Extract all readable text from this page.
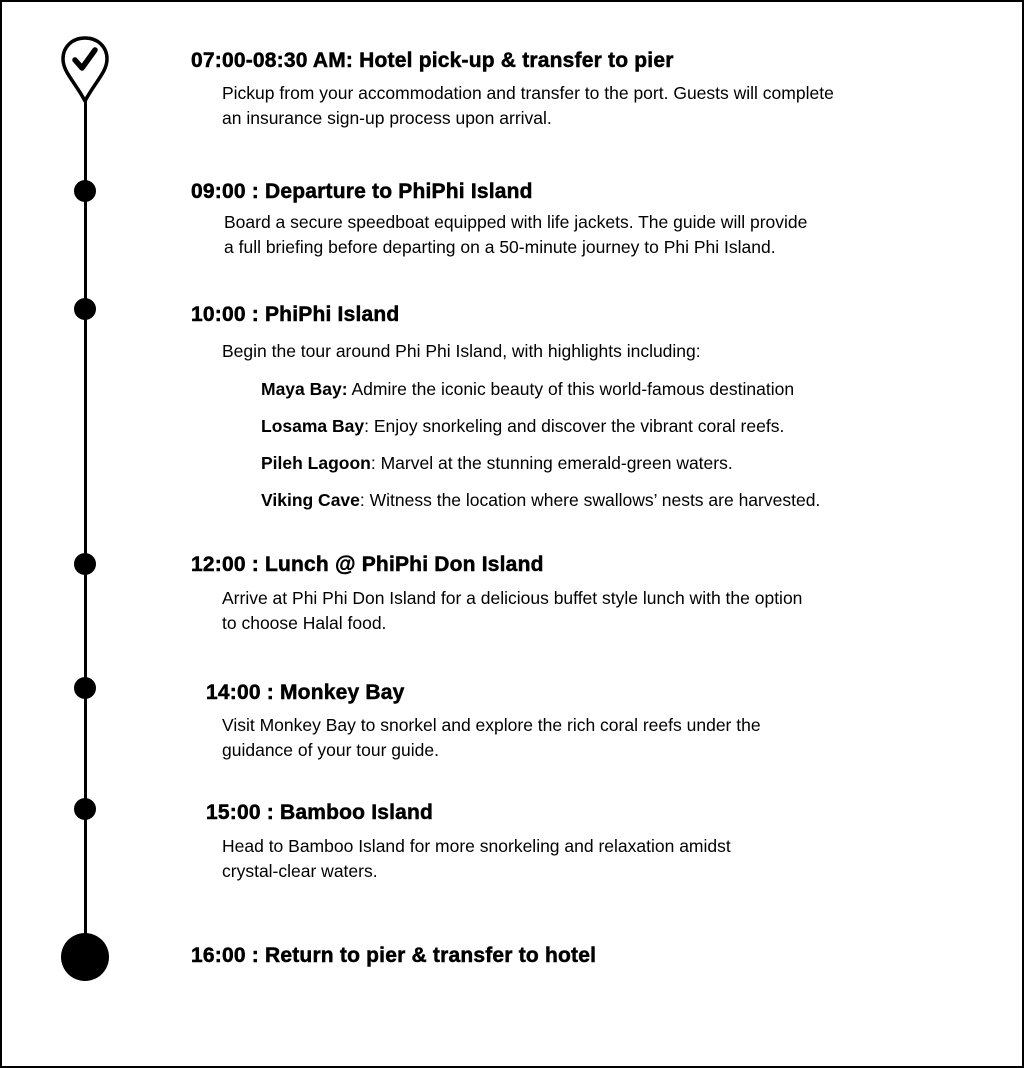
07:00-08:30 AM: Hotel pick-up & transfer to pier
Pickup from your accommodation and transfer to the port. Guests will complete
an insurance sign-up process upon arrival.
09:00 : Departure to PhiPhi Island
Board a secure speedboat equipped with life jackets. The guide will provide
a full briefing before departing on a 50-minute journey to Phi Phi Island.
10:00 : PhiPhi Island
Begin the tour around Phi Phi Island, with highlights including:
Maya Bay: Admire the iconic beauty of this world-famous destination
Losama Bay: Enjoy snorkeling and discover the vibrant coral reefs.
Pileh Lagoon: Marvel at the stunning emerald-green waters.
Viking Cave: Witness the location where swallows’ nests are harvested.
12:00 : Lunch @ PhiPhi Don Island
Arrive at Phi Phi Don Island for a delicious buffet style lunch with the option
to choose Halal food.
14:00 : Monkey Bay
Visit Monkey Bay to snorkel and explore the rich coral reefs under the
guidance of your tour guide.
15:00 : Bamboo Island
Head to Bamboo Island for more snorkeling and relaxation amidst
crystal-clear waters.
16:00 : Return to pier & transfer to hotel
